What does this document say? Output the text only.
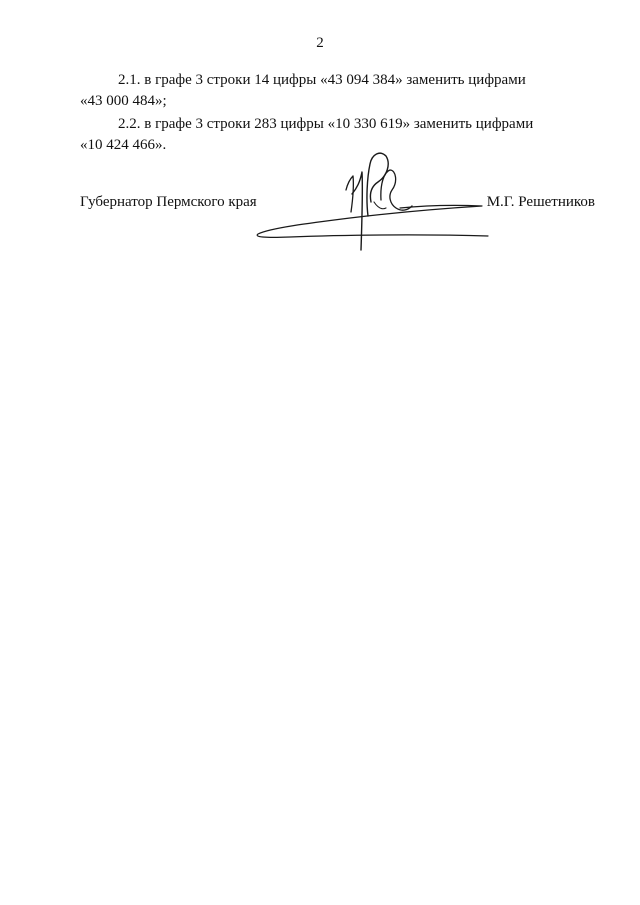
2

2.1. в графе 3 строки 14 цифры «43 094 384» заменить цифрами
«43 000 484»;

2.2. в графе 3 строки 283 цифры «10 330 619» заменить цифрами
«10 424 466».

Губернатор Пермского края	М.Г. Решетников
